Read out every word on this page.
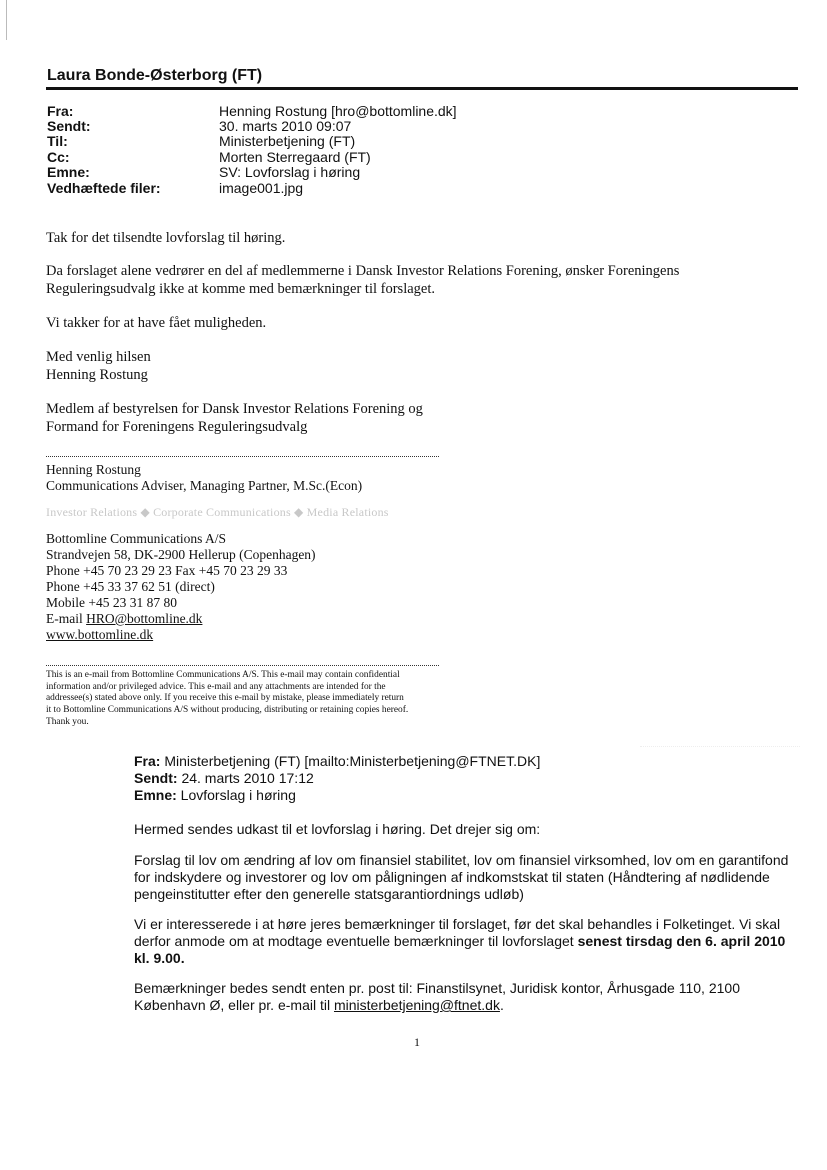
Laura Bonde-Østerborg (FT)
Fra:	Henning Rostung [hro@bottomline.dk]
Sendt:	30. marts 2010 09:07
Til:	Ministerbetjening (FT)
Cc:	Morten Sterregaard (FT)
Emne:	SV: Lovforslag i høring
Vedhæftede filer:	image001.jpg
Tak for det tilsendte lovforslag til høring.
Da forslaget alene vedrører en del af medlemmerne i Dansk Investor Relations Forening, ønsker Foreningens
Reguleringsudvalg ikke at komme med bemærkninger til forslaget.
Vi takker for at have fået muligheden.
Med venlig hilsen
Henning Rostung
Medlem af bestyrelsen for Dansk Investor Relations Forening og
Formand for Foreningens Reguleringsudvalg
Henning Rostung
Communications Adviser, Managing Partner, M.Sc.(Econ)
Investor Relations ◆ Corporate Communications ◆ Media Relations
Bottomline Communications A/S
Strandvejen 58, DK-2900 Hellerup (Copenhagen)
Phone +45 70 23 29 23 Fax +45 70 23 29 33
Phone +45 33 37 62 51 (direct)
Mobile +45 23 31 87 80
E-mail HRO@bottomline.dk
www.bottomline.dk
This is an e-mail from Bottomline Communications A/S. This e-mail may contain confidential
information and/or privileged advice. This e-mail and any attachments are intended for the
addressee(s) stated above only. If you receive this e-mail by mistake, please immediately return
it to Bottomline Communications A/S without producing, distributing or retaining copies hereof.
Thank you.
Fra: Ministerbetjening (FT) [mailto:Ministerbetjening@FTNET.DK]
Sendt: 24. marts 2010 17:12
Emne: Lovforslag i høring
Hermed sendes udkast til et lovforslag i høring. Det drejer sig om:
Forslag til lov om ændring af lov om finansiel stabilitet, lov om finansiel virksomhed, lov om en garantifond
for indskydere og investorer og lov om påligningen af indkomstskat til staten (Håndtering af nødlidende
pengeinstitutter efter den generelle statsgarantiordnings udløb)
Vi er interesserede i at høre jeres bemærkninger til forslaget, før det skal behandles i Folketinget. Vi skal
derfor anmode om at modtage eventuelle bemærkninger til lovforslaget senest tirsdag den 6. april 2010
kl. 9.00.
Bemærkninger bedes sendt enten pr. post til: Finanstilsynet, Juridisk kontor, Århusgade 110, 2100
København Ø, eller pr. e-mail til ministerbetjening@ftnet.dk.
1
